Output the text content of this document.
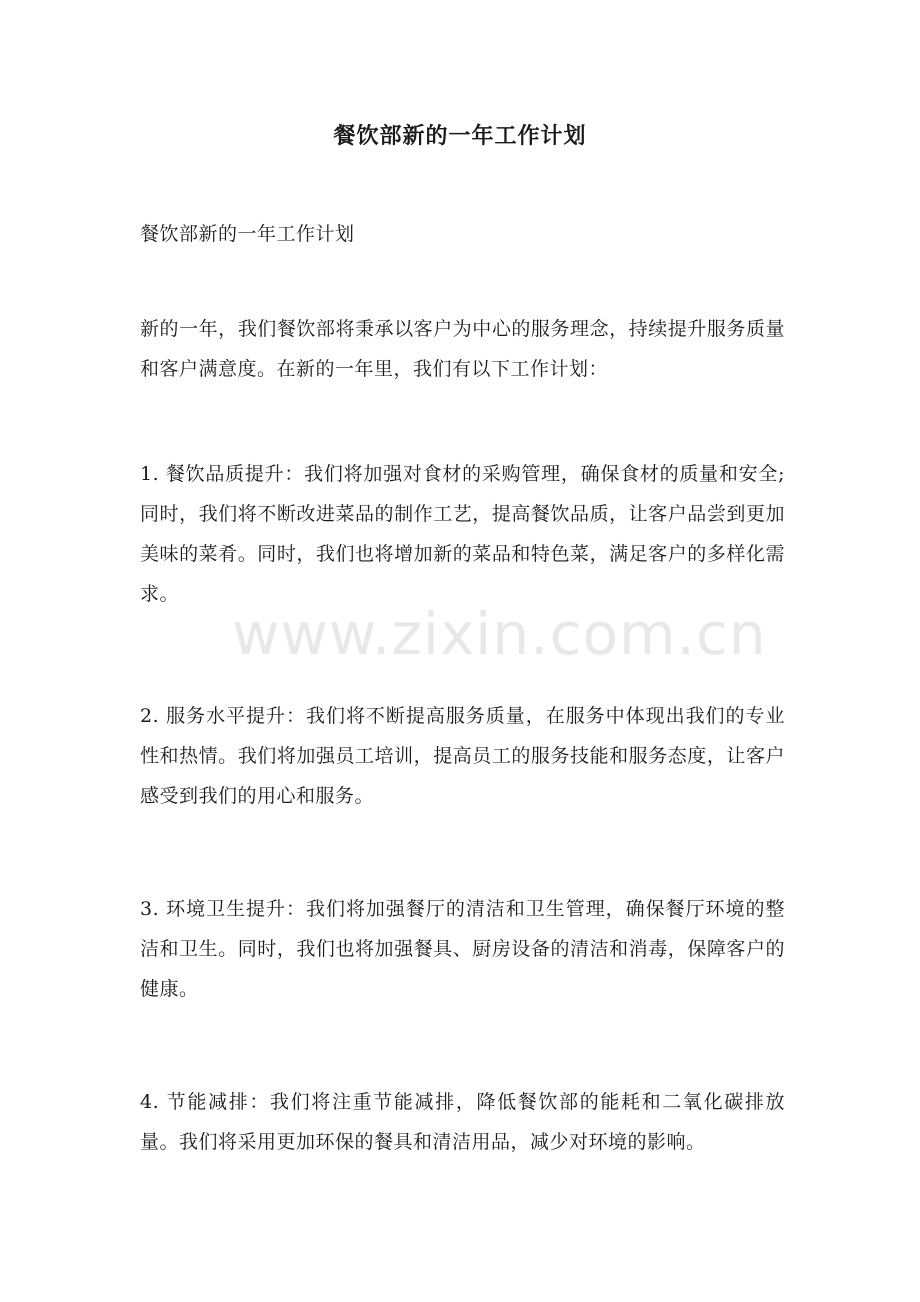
餐饮部新的一年工作计划

餐饮部新的一年工作计划

新的一年，我们餐饮部将秉承以客户为中心的服务理念，持续提升服务质量和客户满意度。在新的一年里，我们有以下工作计划：

1. 餐饮品质提升：我们将加强对食材的采购管理，确保食材的质量和安全;同时，我们将不断改进菜品的制作工艺，提高餐饮品质，让客户品尝到更加美味的菜肴。同时，我们也将增加新的菜品和特色菜，满足客户的多样化需求。

2. 服务水平提升：我们将不断提高服务质量，在服务中体现出我们的专业性和热情。我们将加强员工培训，提高员工的服务技能和服务态度，让客户感受到我们的用心和服务。

3. 环境卫生提升：我们将加强餐厅的清洁和卫生管理，确保餐厅环境的整洁和卫生。同时，我们也将加强餐具、厨房设备的清洁和消毒，保障客户的健康。

4. 节能减排：我们将注重节能减排，降低餐饮部的能耗和二氧化碳排放量。我们将采用更加环保的餐具和清洁用品，减少对环境的影响。

www.zixin.com.cn
